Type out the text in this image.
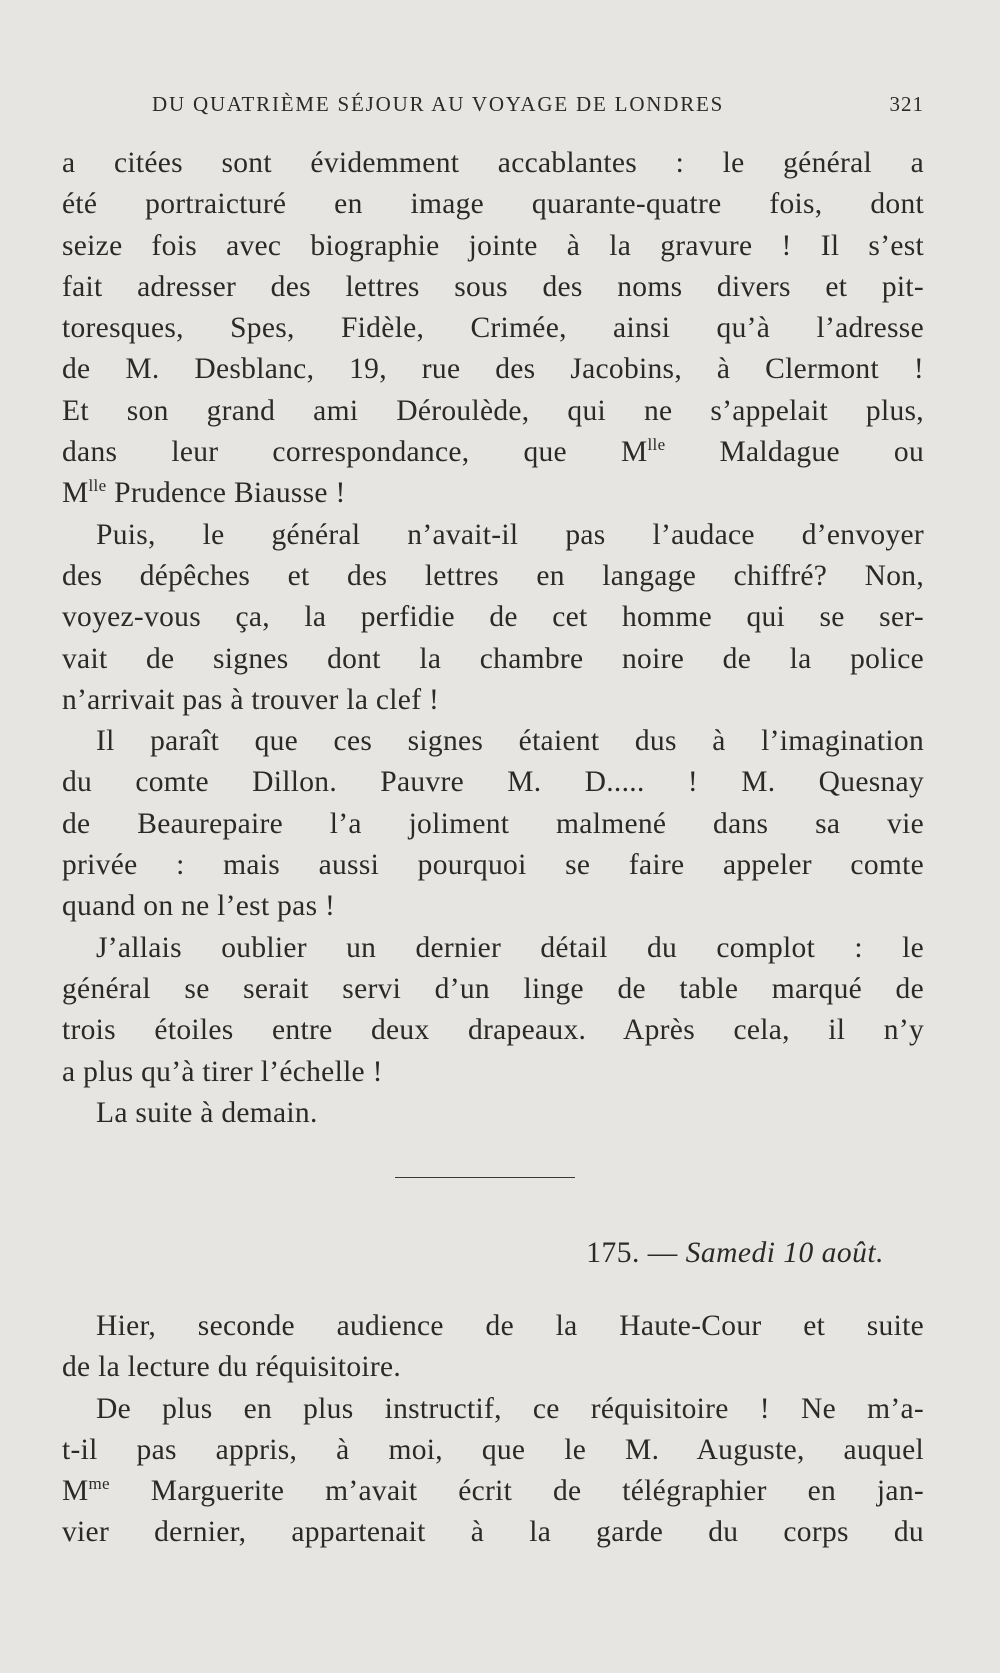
DU QUATRIÈME SÉJOUR AU VOYAGE DE LONDRES	321
a citées sont évidemment accablantes : le général a
été portraicturé en image quarante-quatre fois, dont
seize fois avec biographie jointe à la gravure ! Il s’est
fait adresser des lettres sous des noms divers et pit-
toresques, Spes, Fidèle, Crimée, ainsi qu’à l’adresse
de M. Desblanc, 19, rue des Jacobins, à Clermont !
Et son grand ami Déroulède, qui ne s’appelait plus,
dans leur correspondance, que $M^{lle}$ Maldague ou
$M^{lle}$ Prudence Biausse !
Puis, le général n’avait-il pas l’audace d’envoyer
des dépêches et des lettres en langage chiffré? Non,
voyez-vous ça, la perfidie de cet homme qui se ser-
vait de signes dont la chambre noire de la police
n’arrivait pas à trouver la clef !
Il paraît que ces signes étaient dus à l’imagination
du comte Dillon. Pauvre M. D..... ! M. Quesnay
de Beaurepaire l’a joliment malmené dans sa vie
privée : mais aussi pourquoi se faire appeler comte
quand on ne l’est pas !
J’allais oublier un dernier détail du complot : le
général se serait servi d’un linge de table marqué de
trois étoiles entre deux drapeaux. Après cela, il n’y
a plus qu’à tirer l’échelle !
La suite à demain.
175. — Samedi 10 août.
Hier, seconde audience de la Haute-Cour et suite
de la lecture du réquisitoire.
De plus en plus instructif, ce réquisitoire ! Ne m’a-
t-il pas appris, à moi, que le M. Auguste, auquel
$M^{me}$ Marguerite m’avait écrit de télégraphier en jan-
vier dernier, appartenait à la garde du corps du
